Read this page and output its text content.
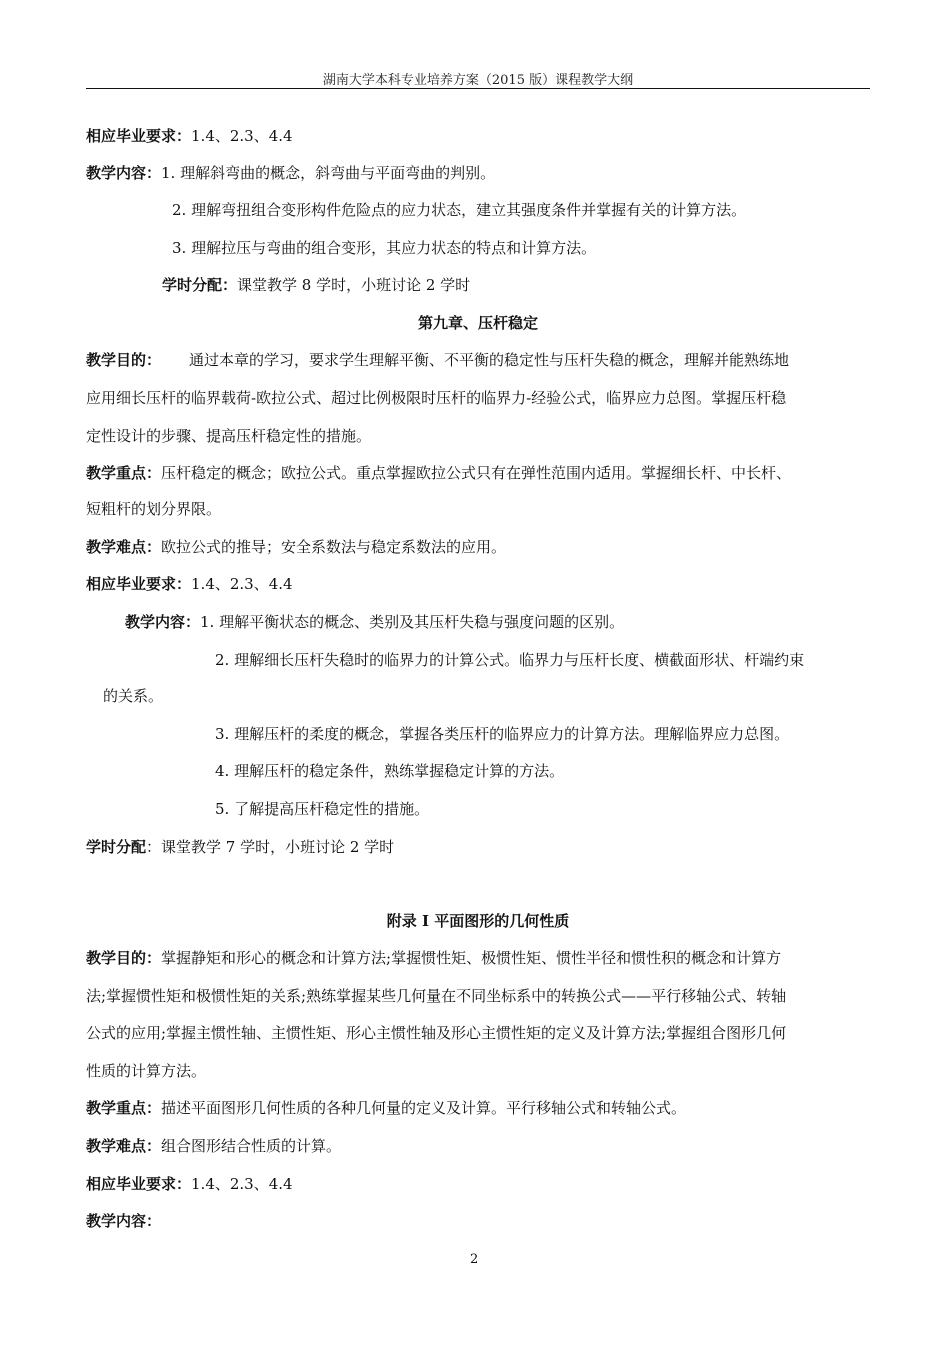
湖南大学本科专业培养方案（2015 版）课程教学大纲
相应毕业要求：1.4、2.3、4.4
教学内容：1. 理解斜弯曲的概念，斜弯曲与平面弯曲的判别。
2. 理解弯扭组合变形构件危险点的应力状态，建立其强度条件并掌握有关的计算方法。
3. 理解拉压与弯曲的组合变形，其应力状态的特点和计算方法。
学时分配：课堂教学 8 学时，小班讨论 2 学时
第九章、压杆稳定
教学目的： 通过本章的学习，要求学生理解平衡、不平衡的稳定性与压杆失稳的概念，理解并能熟练地
应用细长压杆的临界载荷-欧拉公式、超过比例极限时压杆的临界力-经验公式，临界应力总图。掌握压杆稳
定性设计的步骤、提高压杆稳定性的措施。
教学重点：压杆稳定的概念；欧拉公式。重点掌握欧拉公式只有在弹性范围内适用。掌握细长杆、中长杆、
短粗杆的划分界限。
教学难点：欧拉公式的推导；安全系数法与稳定系数法的应用。
相应毕业要求：1.4、2.3、4.4
教学内容：1. 理解平衡状态的概念、类别及其压杆失稳与强度问题的区别。
2. 理解细长压杆失稳时的临界力的计算公式。临界力与压杆长度、横截面形状、杆端约束
的关系。
3. 理解压杆的柔度的概念，掌握各类压杆的临界应力的计算方法。理解临界应力总图。
4. 理解压杆的稳定条件，熟练掌握稳定计算的方法。
5. 了解提高压杆稳定性的措施。
学时分配：课堂教学 7 学时，小班讨论 2 学时
附录 I 平面图形的几何性质
教学目的：掌握静矩和形心的概念和计算方法;掌握惯性矩、极惯性矩、惯性半径和惯性积的概念和计算方
法;掌握惯性矩和极惯性矩的关系;熟练掌握某些几何量在不同坐标系中的转换公式——平行移轴公式、转轴
公式的应用;掌握主惯性轴、主惯性矩、形心主惯性轴及形心主惯性矩的定义及计算方法;掌握组合图形几何
性质的计算方法。
教学重点：描述平面图形几何性质的各种几何量的定义及计算。平行移轴公式和转轴公式。
教学难点：组合图形结合性质的计算。
相应毕业要求：1.4、2.3、4.4
教学内容：
2
